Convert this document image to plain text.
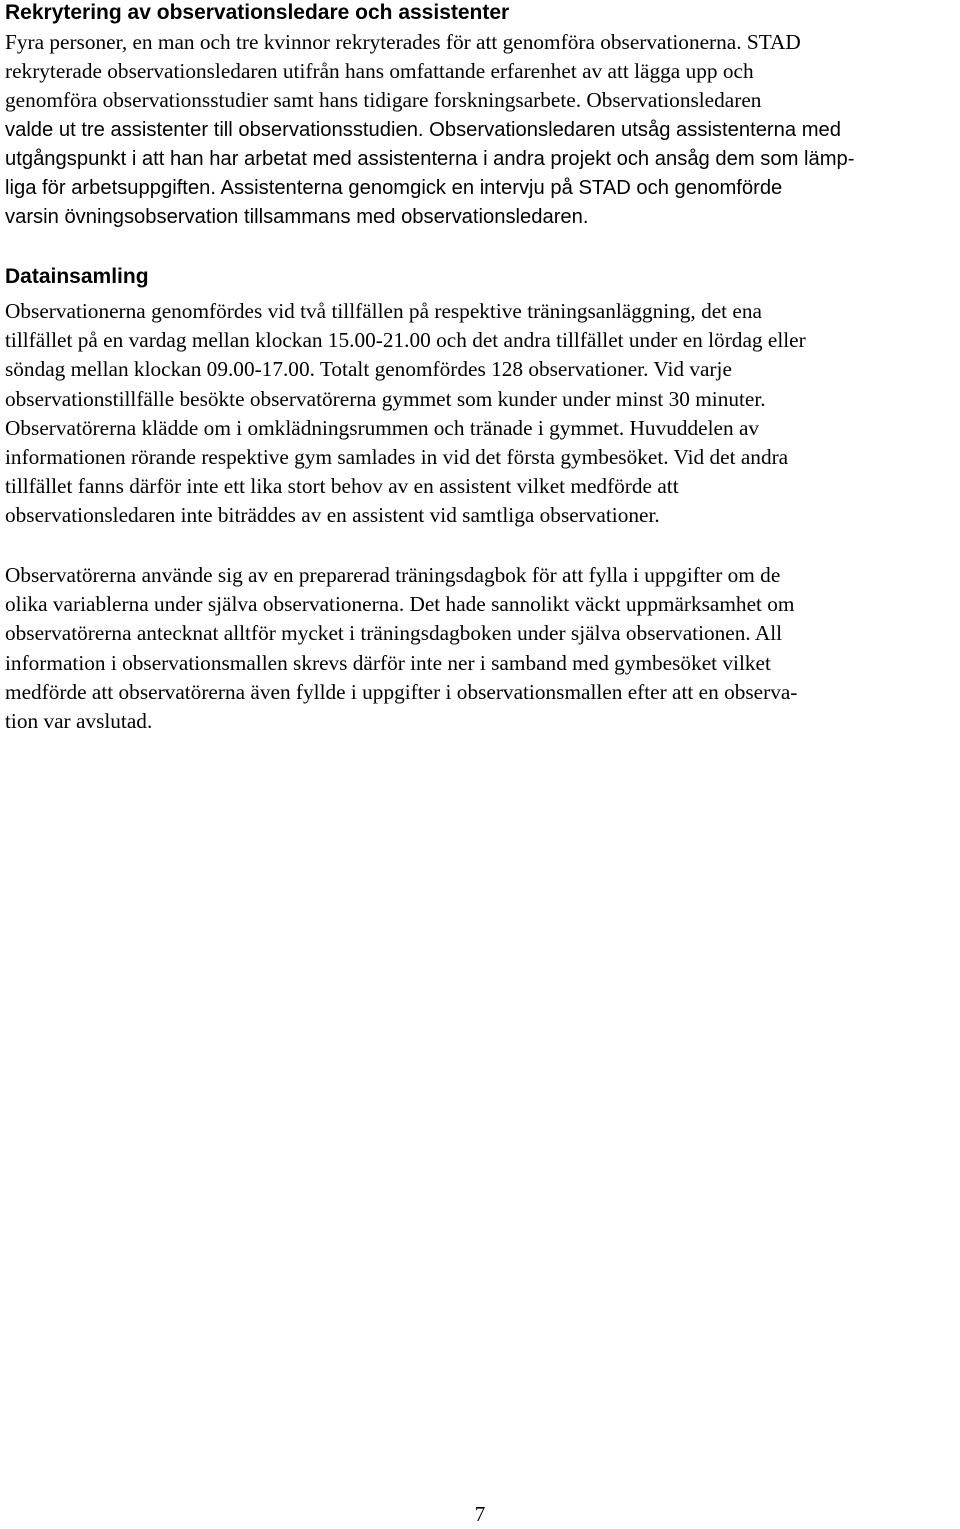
Rekrytering av observationsledare och assistenter

Fyra personer, en man och tre kvinnor rekryterades för att genomföra observationerna. STAD
rekryterade observationsledaren utifrån hans omfattande erfarenhet av att lägga upp och
genomföra observationsstudier samt hans tidigare forskningsarbete. Observationsledaren
valde ut tre assistenter till observationsstudien. Observationsledaren utsåg assistenterna med
utgångspunkt i att han har arbetat med assistenterna i andra projekt och ansåg dem som lämp-
liga för arbetsuppgiften. Assistenterna genomgick en intervju på STAD och genomförde
varsin övningsobservation tillsammans med observationsledaren.

Datainsamling

Observationerna genomfördes vid två tillfällen på respektive träningsanläggning, det ena
tillfället på en vardag mellan klockan 15.00-21.00 och det andra tillfället under en lördag eller
söndag mellan klockan 09.00-17.00. Totalt genomfördes 128 observationer. Vid varje
observationstillfälle besökte observatörerna gymmet som kunder under minst 30 minuter.
Observatörerna klädde om i omklädningsrummen och tränade i gymmet. Huvuddelen av
informationen rörande respektive gym samlades in vid det första gymbesöket. Vid det andra
tillfället fanns därför inte ett lika stort behov av en assistent vilket medförde att
observationsledaren inte biträddes av en assistent vid samtliga observationer.

Observatörerna använde sig av en preparerad träningsdagbok för att fylla i uppgifter om de
olika variablerna under själva observationerna. Det hade sannolikt väckt uppmärksamhet om
observatörerna antecknat alltför mycket i träningsdagboken under själva observationen. All
information i observationsmallen skrevs därför inte ner i samband med gymbesöket vilket
medförde att observatörerna även fyllde i uppgifter i observationsmallen efter att en observa-
tion var avslutad.

7
